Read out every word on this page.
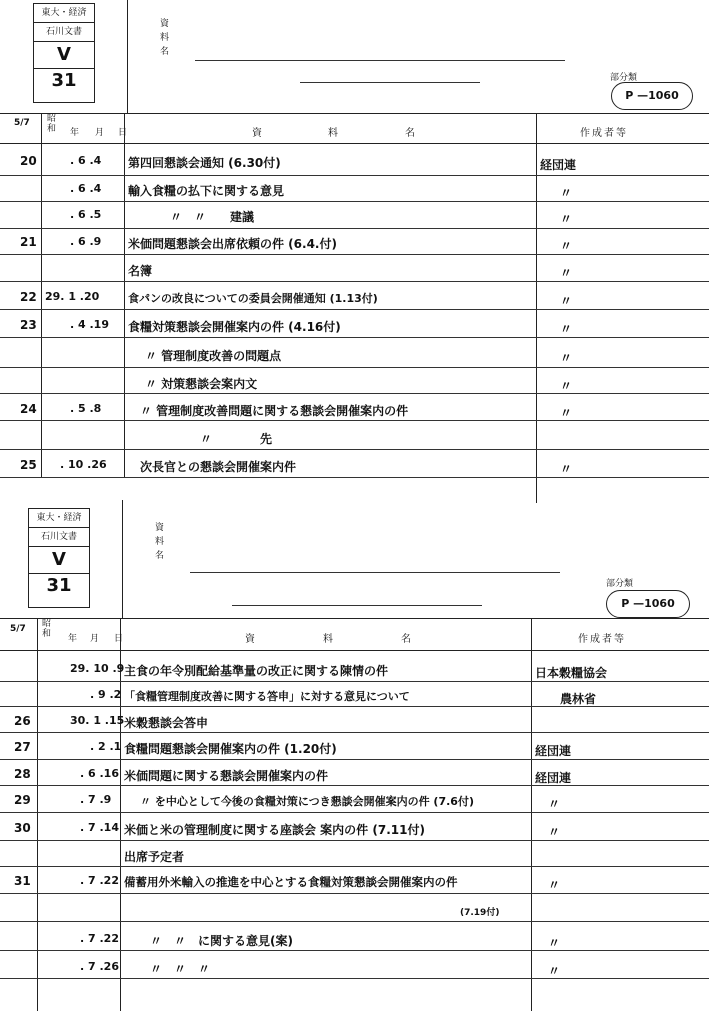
東大・経済
石川文書
V
31
資
料
名
部分類
P —1060
5/7 昭和 年 月 日	資	料	名	作成者等
20	. 6 .4 第四回懇談会通知 (6.30付)	経団連
. 6 .4 輸入食糧の払下に関する意見	〃
. 6 .5	〃　〃　　建議	〃
21	. 6 .9 米価問題懇談会出席依頼の件 (6.4.付)	〃
名簿	〃
22 29. 1 .20	食パンの改良についての委員会開催通知 (1.13付)	〃
23	. 4 .19 食糧対策懇談会開催案内の件 (4.16付)	〃
〃 管理制度改善の問題点	〃
〃 対策懇談会案内文	〃
24	. 5 .8	〃 管理制度改善問題に関する懇談会開催案内の件	〃
〃　　先
25 . 10 .26	次長官との懇談会開催案内件	〃
東大・経済
石川文書
V
31
資
料
名
部分類
P —1060
5/7 昭和 年 月 日	資	料	名	作成者等
29. 10 .9 主食の年令別配給基準量の改正に関する陳情の件	日本穀糧協会
. 9 .2 「食糧管理制度改善に関する答申」に対する意見について	農林省
26	30. 1 .15 米穀懇談会答申
27	. 2 .1 食糧問題懇談会開催案内の件 (1.20付)	経団連
28	. 6 .16 米価問題に関する懇談会開催案内の件	経団連
29	. 7 .9	〃 を中心として今後の食糧対策につき懇談会開催案内の件 (7.6付)	〃
30	. 7 .14 米価と米の管理制度に関する座談会 案内の件 (7.11付)	〃
出席予定者
31	. 7 .22 備蓄用外米輸入の推進を中心とする食糧対策懇談会開催案内の件	〃
(7.19付)
. 7 .22	〃　〃　に関する意見(案)	〃
. 7 .26	〃　〃　〃	〃
